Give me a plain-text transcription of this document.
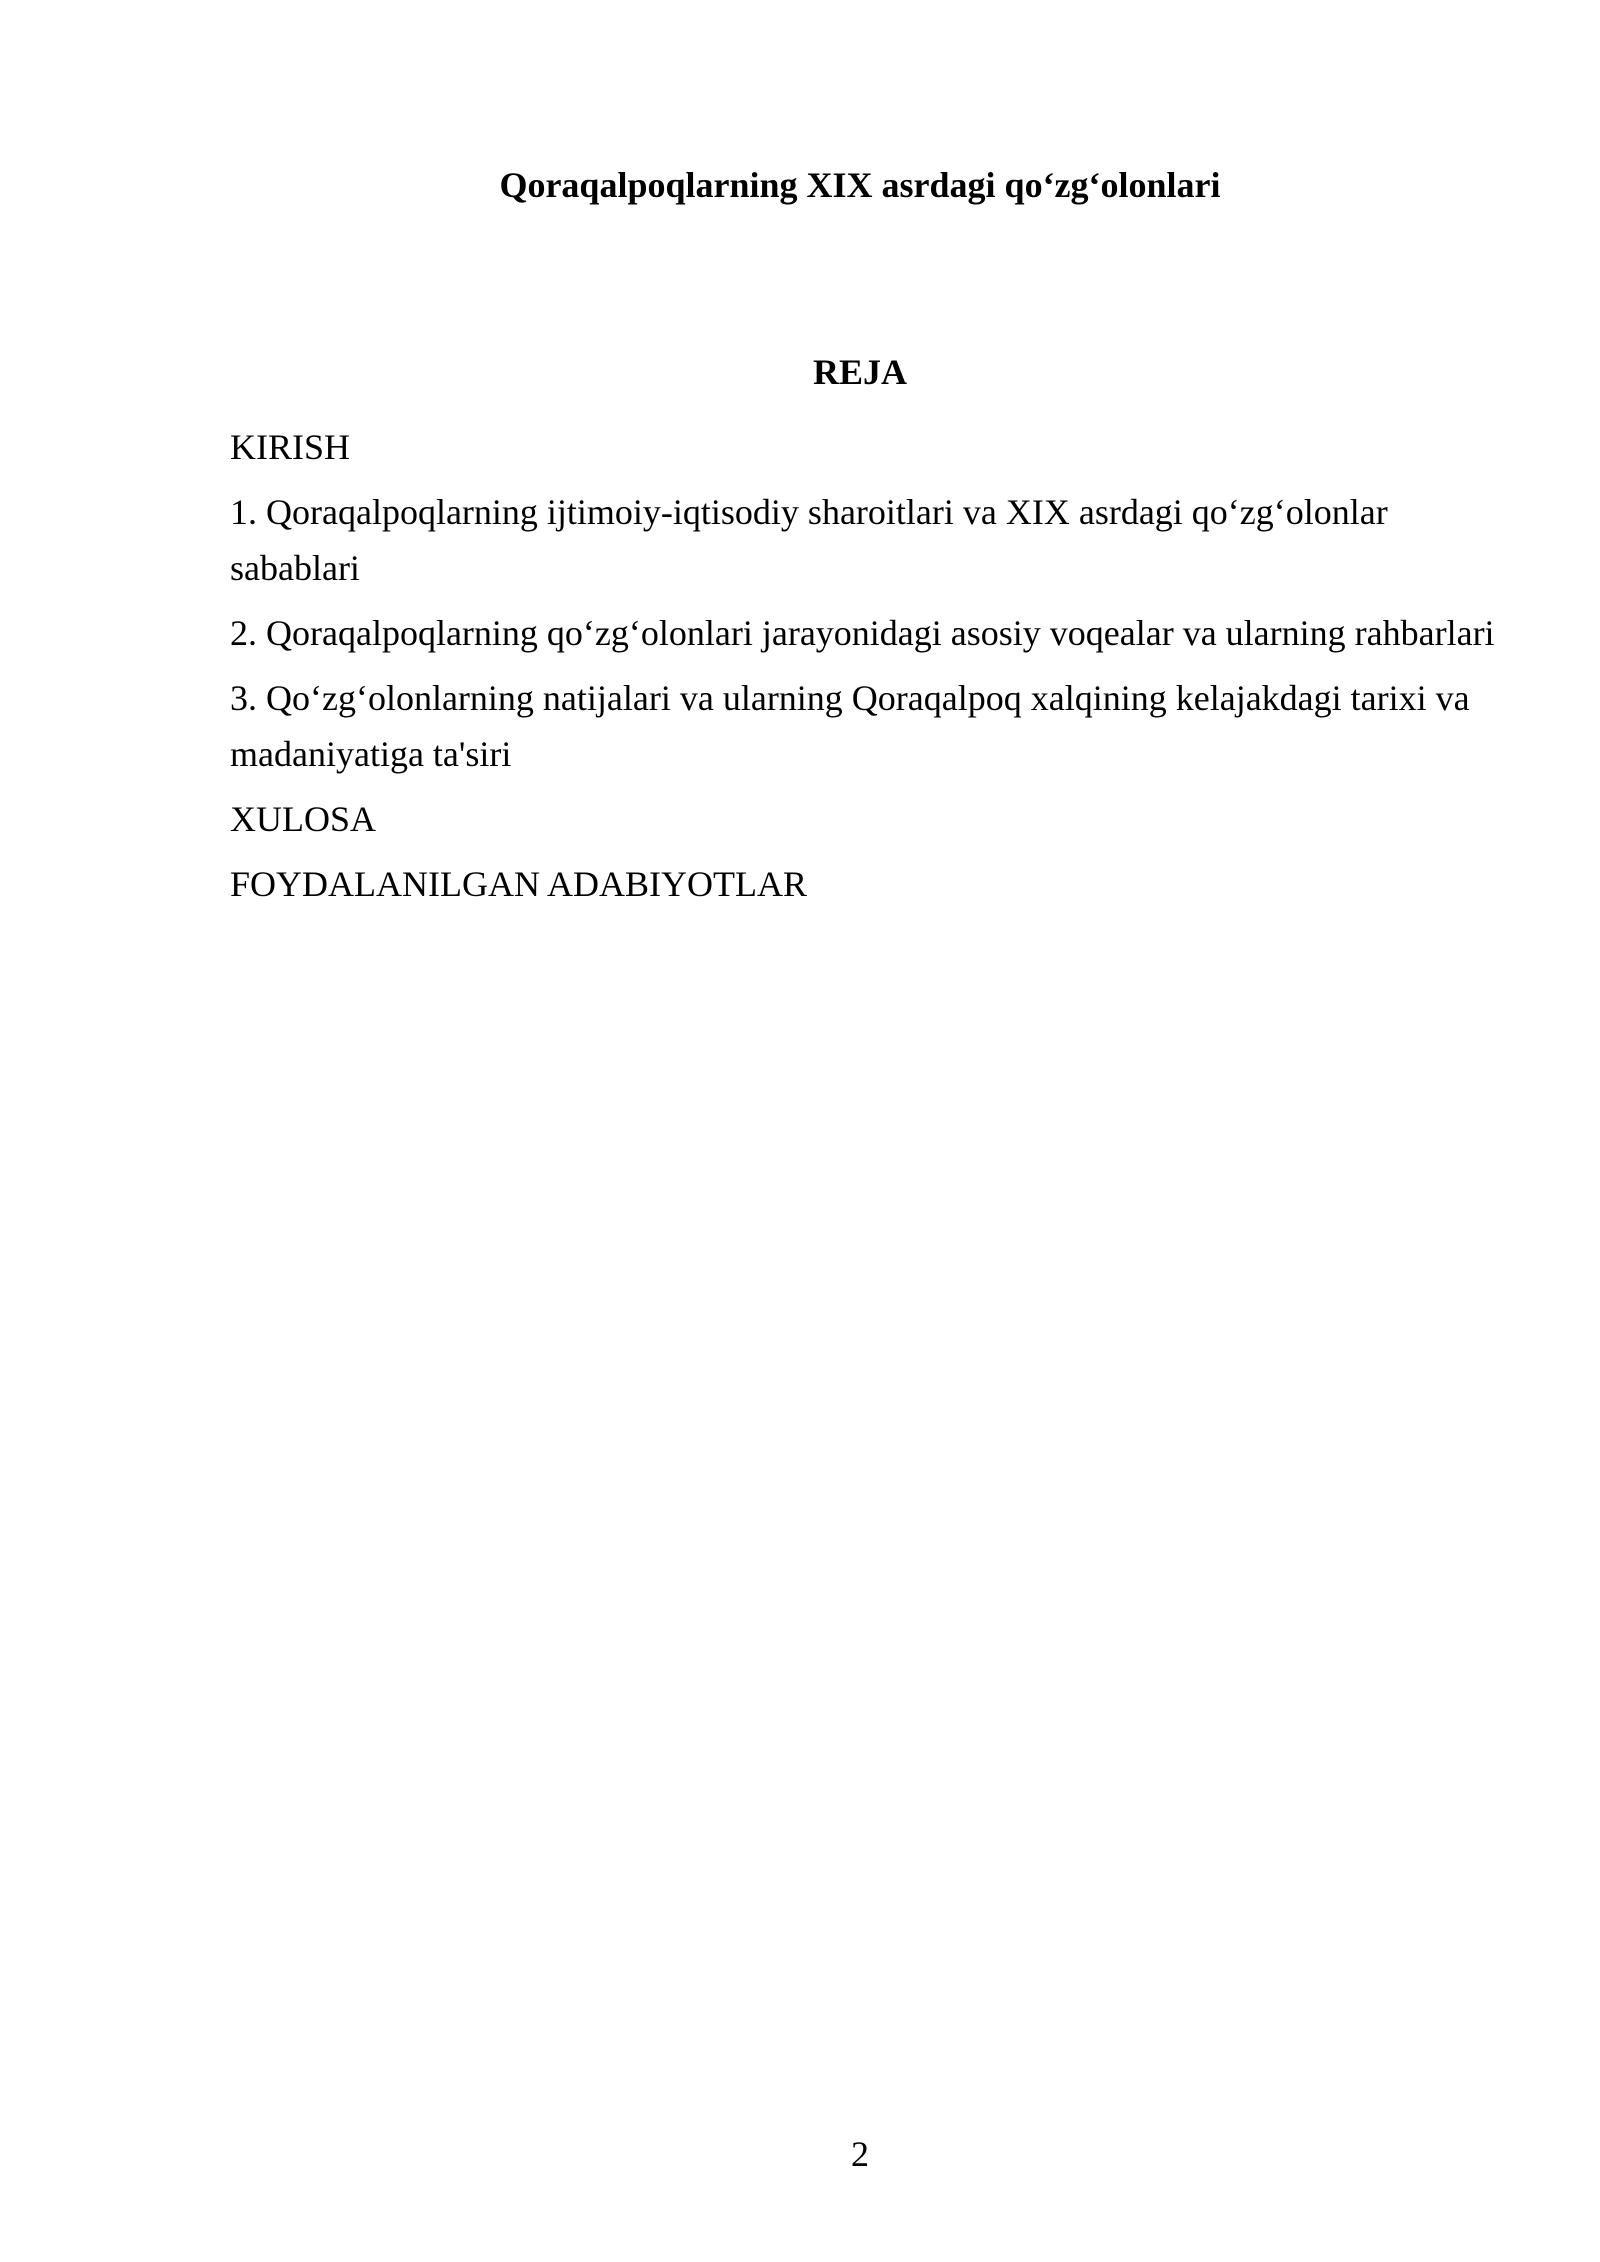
Qoraqalpoqlarning XIX asrdagi qo‘zg‘olonlari
REJA
KIRISH
1. Qoraqalpoqlarning ijtimoiy-iqtisodiy sharoitlari va XIX asrdagi qo‘zg‘olonlar sabablari
2. Qoraqalpoqlarning qo‘zg‘olonlari jarayonidagi asosiy voqealar va ularning rahbarlari
3. Qo‘zg‘olonlarning natijalari va ularning Qoraqalpoq xalqining kelajakdagi tarixi va madaniyatiga ta'siri
XULOSA
FOYDALANILGAN ADABIYOTLAR
2
